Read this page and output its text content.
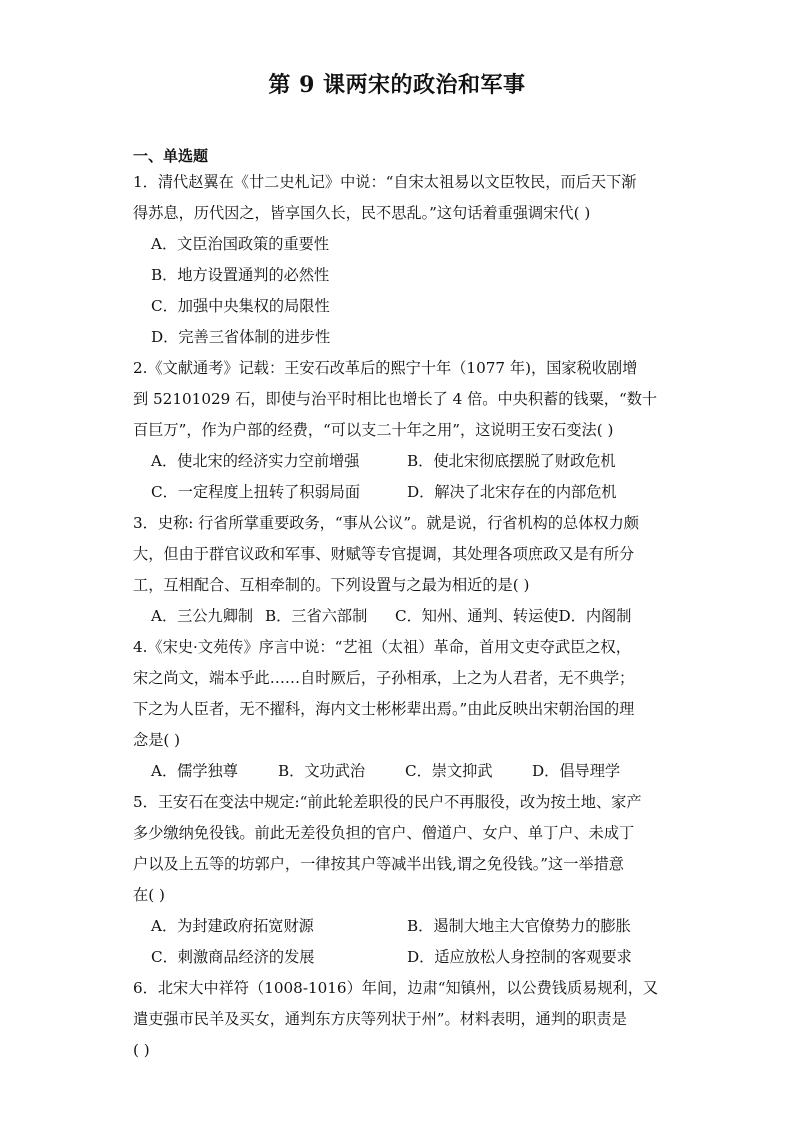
第 9 课两宋的政治和军事
一、单选题
1．清代赵翼在《廿二史札记》中说：“自宋太祖易以文臣牧民，而后天下渐
得苏息，历代因之，皆享国久长，民不思乱。”这句话着重强调宋代( )
A．文臣治国政策的重要性
B．地方设置通判的必然性
C．加强中央集权的局限性
D．完善三省体制的进步性
2.《文献通考》记载：王安石改革后的熙宁十年（1077 年)，国家税收剧增
到 52101029 石，即使与治平时相比也增长了 4 倍。中央积蓄的钱粟，“数十
百巨万”，作为户部的经费，“可以支二十年之用”，这说明王安石变法( )
A．使北宋的经济实力空前增强	B．使北宋彻底摆脱了财政危机
C．一定程度上扭转了积弱局面	D．解决了北宋存在的内部危机
3．史称: 行省所掌重要政务，“事从公议”。就是说，行省机构的总体权力颇
大，但由于群官议政和军事、财赋等专官提调，其处理各项庶政又是有所分
工，互相配合、互相牵制的。下列设置与之最为相近的是( )
A．三公九卿制 B．三省六部制 C．知州、通判、转运使D．内阁制
4.《宋史·文苑传》序言中说：“艺祖（太祖）革命，首用文吏夺武臣之权，
宋之尚文，端本乎此……自时厥后，子孙相承，上之为人君者，无不典学；
下之为人臣者，无不擢科，海内文士彬彬辈出焉。”由此反映出宋朝治国的理
念是( )
A．儒学独尊	B．文功武治	C．崇文抑武	D．倡导理学
5．王安石在变法中规定:“前此轮差职役的民户不再服役，改为按土地、家产
多少缴纳免役钱。前此无差役负担的官户、僧道户、女户、单丁户、未成丁
户以及上五等的坊郭户，一律按其户等减半出钱,谓之免役钱。”这一举措意
在( )
A．为封建政府拓宽财源	B．遏制大地主大官僚势力的膨胀
C．刺激商品经济的发展	D．适应放松人身控制的客观要求
6．北宋大中祥符（1008-1016）年间，边肃“知镇州，以公费钱质易规利，又
遣吏强市民羊及买女，通判东方庆等列状于州”。材料表明，通判的职责是
( )
